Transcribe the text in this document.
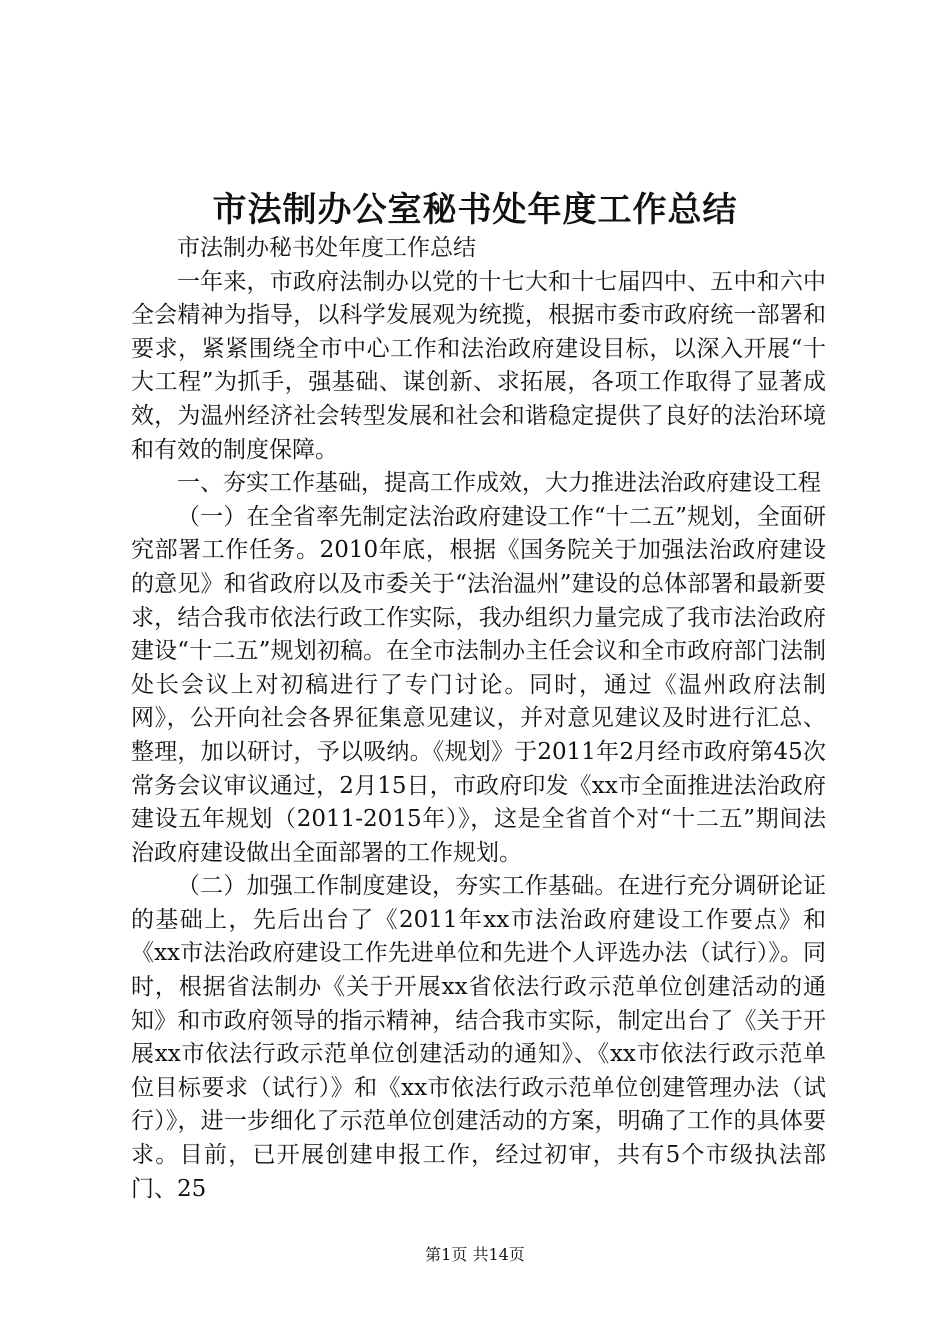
市法制办公室秘书处年度工作总结

市法制办秘书处年度工作总结

一年来，市政府法制办以党的十七大和十七届四中、五中和六中全会精神为指导，以科学发展观为统揽，根据市委市政府统一部署和要求，紧紧围绕全市中心工作和法治政府建设目标，以深入开展“十大工程”为抓手，强基础、谋创新、求拓展，各项工作取得了显著成效，为温州经济社会转型发展和社会和谐稳定提供了良好的法治环境和有效的制度保障。

一、夯实工作基础，提高工作成效，大力推进法治政府建设工程

（一）在全省率先制定法治政府建设工作“十二五”规划，全面研究部署工作任务。2010年底，根据《国务院关于加强法治政府建设的意见》和省政府以及市委关于“法治温州”建设的总体部署和最新要求，结合我市依法行政工作实际，我办组织力量完成了我市法治政府建设“十二五”规划初稿。在全市法制办主任会议和全市政府部门法制处长会议上对初稿进行了专门讨论。同时，通过《温州政府法制网》，公开向社会各界征集意见建议，并对意见建议及时进行汇总、整理，加以研讨，予以吸纳。《规划》于2011年2月经市政府第45次常务会议审议通过，2月15日，市政府印发《xx市全面推进法治政府建设五年规划（2011-2015年）》，这是全省首个对“十二五”期间法治政府建设做出全面部署的工作规划。

（二）加强工作制度建设，夯实工作基础。在进行充分调研论证的基础上，先后出台了《2011年xx市法治政府建设工作要点》和《xx市法治政府建设工作先进单位和先进个人评选办法（试行）》。同时，根据省法制办《关于开展xx省依法行政示范单位创建活动的通知》和市政府领导的指示精神，结合我市实际，制定出台了《关于开展xx市依法行政示范单位创建活动的通知》、《xx市依法行政示范单位目标要求（试行）》和《xx市依法行政示范单位创建管理办法（试行）》，进一步细化了示范单位创建活动的方案，明确了工作的具体要求。目前，已开展创建申报工作，经过初审，共有5个市级执法部门、25

第1页 共14页
